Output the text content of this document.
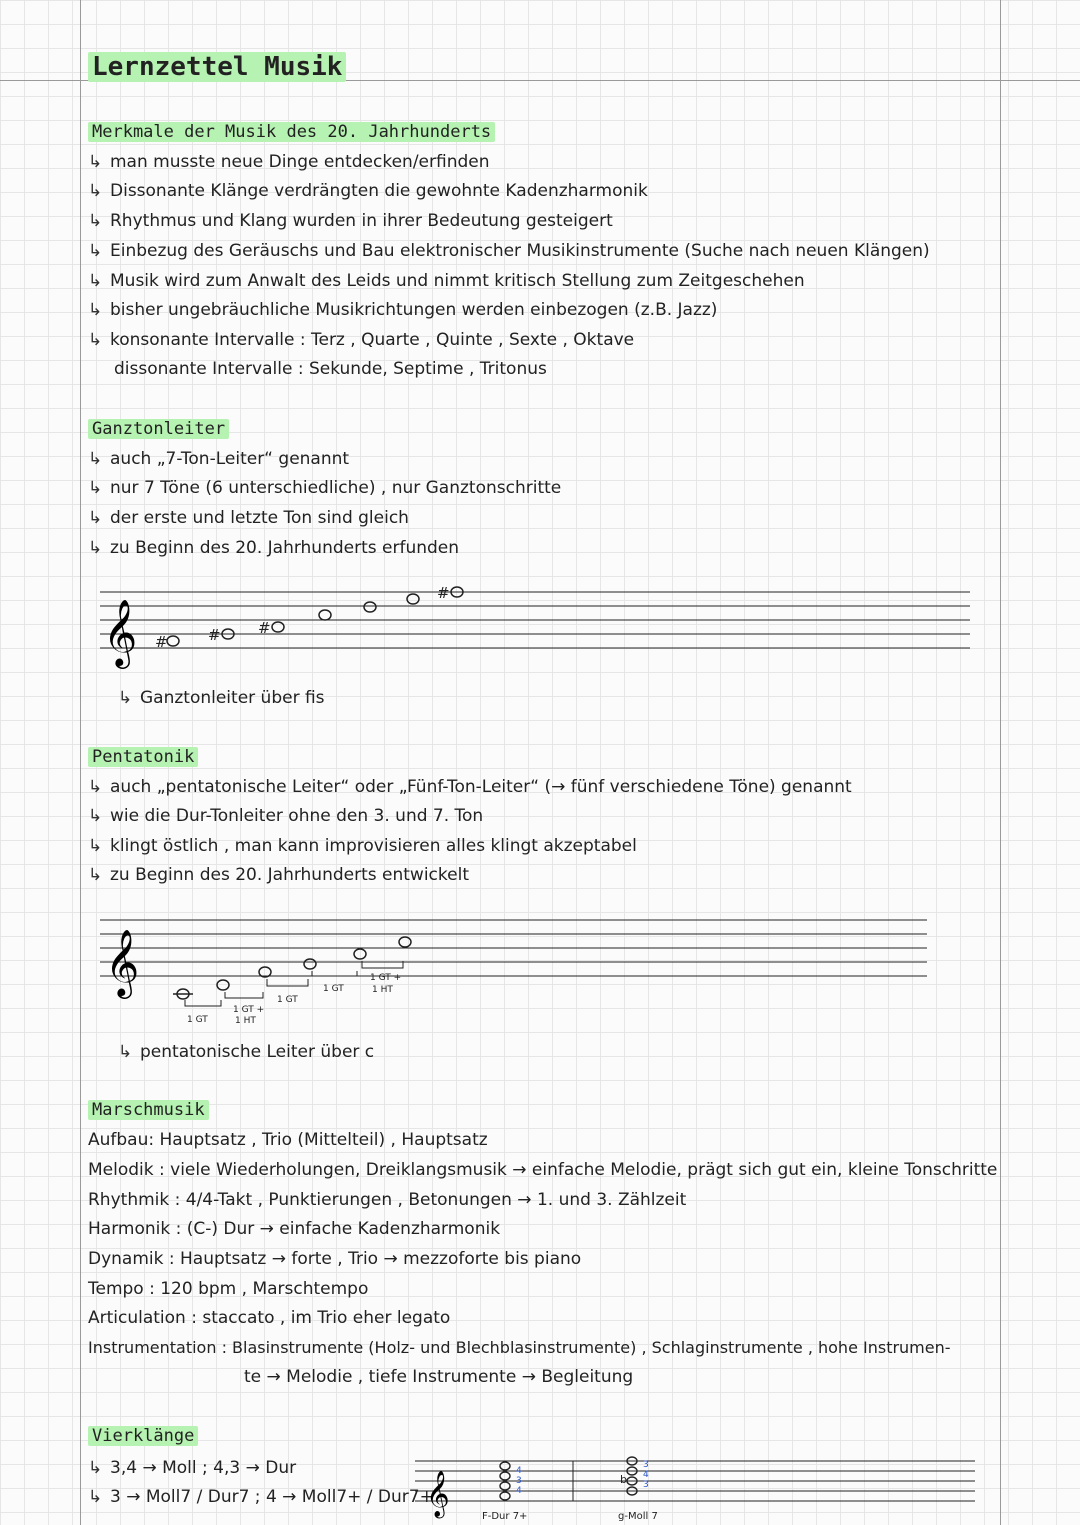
Lernzettel Musik
Merkmale der Musik des 20. Jahrhunderts
↳ man musste neue Dinge entdecken/erfinden
↳ Dissonante Klänge verdrängten die gewohnte Kadenzharmonik
↳ Rhythmus und Klang wurden in ihrer Bedeutung gesteigert
↳ Einbezug des Geräuschs und Bau elektronischer Musikinstrumente (Suche nach neuen Klängen)
↳ Musik wird zum Anwalt des Leids und nimmt kritisch Stellung zum Zeitgeschehen
↳ bisher ungebräuchliche Musikrichtungen werden einbezogen (z.B. Jazz)
↳ konsonante Intervalle : Terz , Quarte , Quinte , Sexte , Oktave
dissonante Intervalle : Sekunde, Septime , Tritonus
Ganztonleiter
↳ auch „7-Ton-Leiter“ genannt
↳ nur 7 Töne (6 unterschiedliche) , nur Ganztonschritte
↳ der erste und letzte Ton sind gleich
↳ zu Beginn des 20. Jahrhunderts erfunden
𝄞 #	# #
#
↳ Ganztonleiter über fis
Pentatonik
↳ auch „pentatonische Leiter“ oder „Fünf-Ton-Leiter“ (→ fünf verschiedene Töne) genannt
↳ wie die Dur-Tonleiter ohne den 3. und 7. Ton
↳ klingt östlich , man kann improvisieren alles klingt akzeptabel
↳ zu Beginn des 20. Jahrhunderts entwickelt
𝄞
1 GT
1 GT +
1 HT
1 GT
1 GT
1 GT +
1 HT
↳ pentatonische Leiter über c
Marschmusik
Aufbau: Hauptsatz , Trio (Mittelteil) , Hauptsatz
Melodik : viele Wiederholungen, Dreiklangsmusik → einfache Melodie, prägt sich gut ein, kleine Tonschritte
Rhythmik : 4/4-Takt , Punktierungen , Betonungen → 1. und 3. Zählzeit
Harmonik : (C-) Dur → einfache Kadenzharmonik
Dynamik : Hauptsatz → forte , Trio → mezzoforte bis piano
Tempo : 120 bpm , Marschtempo
Articulation : staccato , im Trio eher legato
Instrumentation : Blasinstrumente (Holz- und Blechblasinstrumente) , Schlaginstrumente , hohe Instrumen-
te → Melodie , tiefe Instrumente → Begleitung
Vierklänge
↳ 3,4 → Moll ; 4,3 → Dur
↳ 3 → Moll7 / Dur7 ; 4 → Moll7+ / Dur7+
𝄞	4
3
4
3
4
3
b
F-Dur 7+	g-Moll 7
